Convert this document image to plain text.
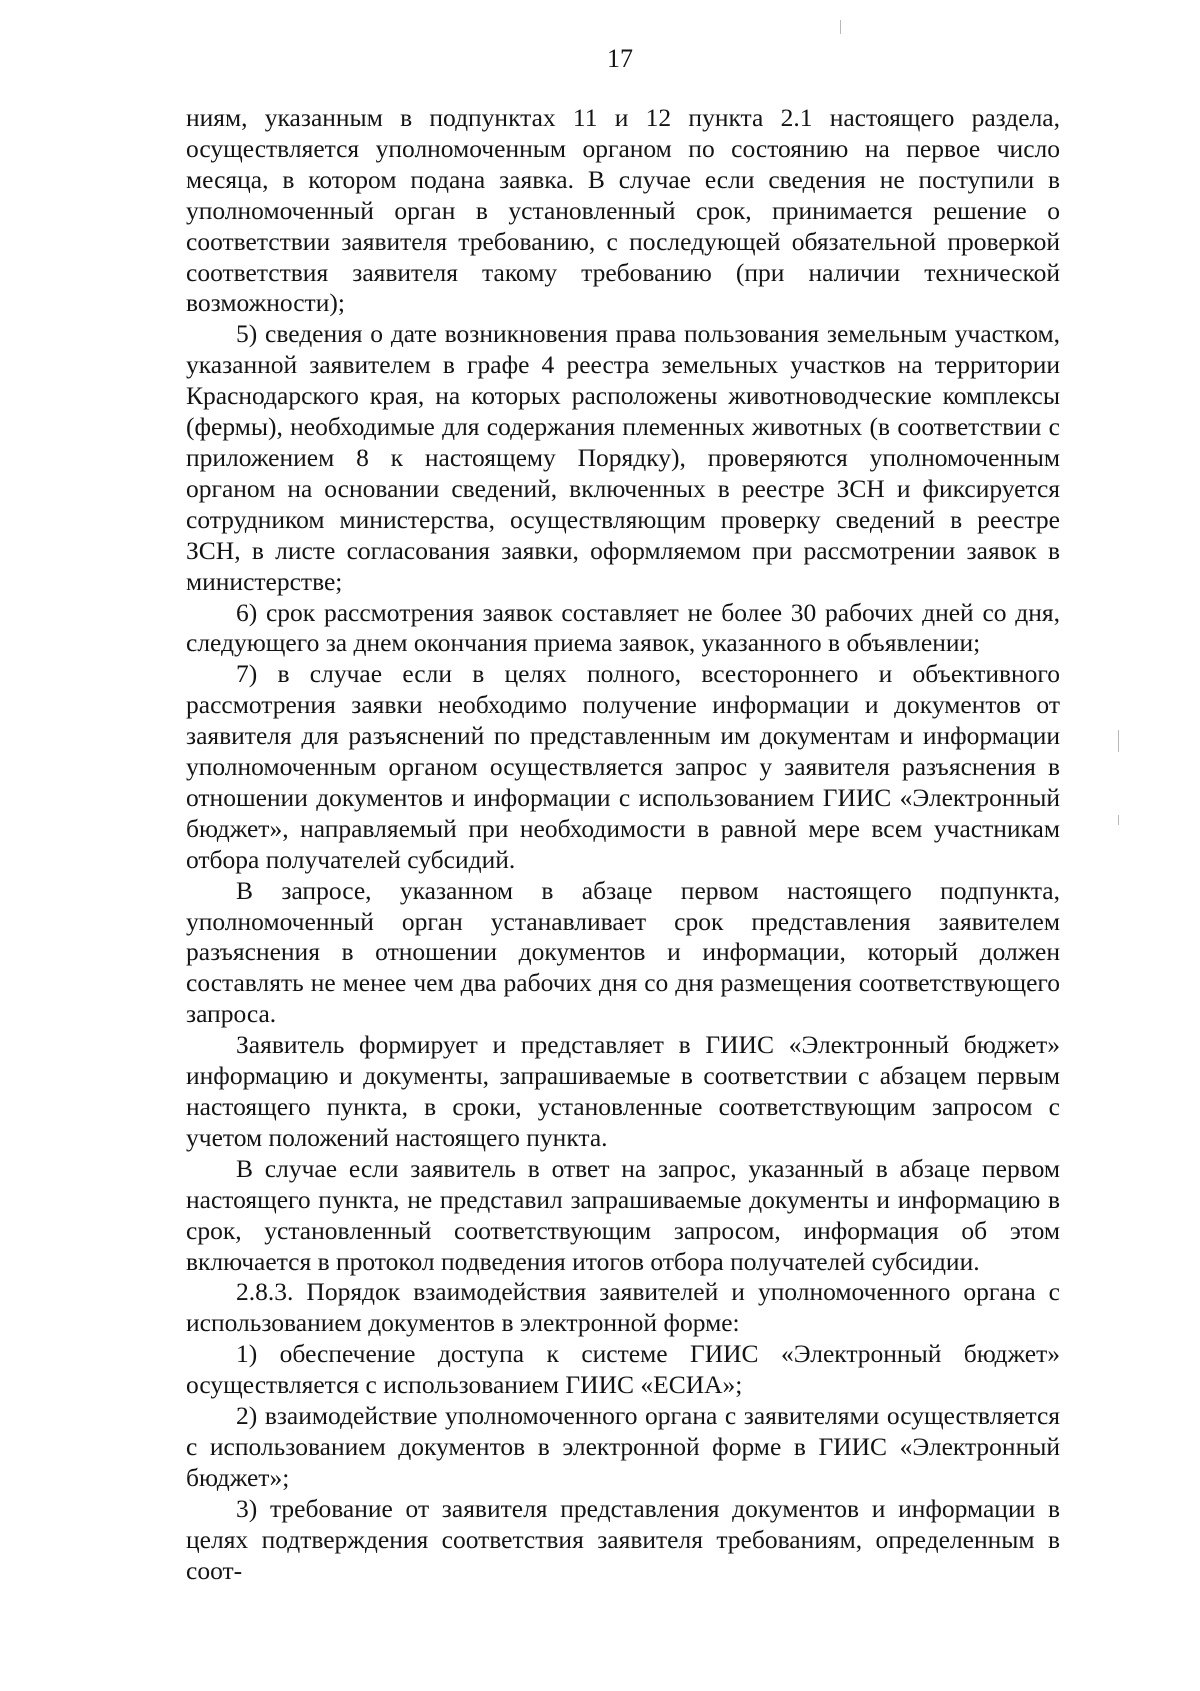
17

ниям, указанным в подпунктах 11 и 12 пункта 2.1 настоящего раздела, осуществляется уполномоченным органом по состоянию на первое число месяца, в котором подана заявка. В случае если сведения не поступили в уполномоченный орган в установленный срок, принимается решение о соответствии заявителя требованию, с последующей обязательной проверкой соответствия заявителя такому требованию (при наличии технической возможности);

5) сведения о дате возникновения права пользования земельным участком, указанной заявителем в графе 4 реестра земельных участков на территории Краснодарского края, на которых расположены животноводческие комплексы (фермы), необходимые для содержания племенных животных (в соответствии с приложением 8 к настоящему Порядку), проверяются уполномоченным органом на основании сведений, включенных в реестре ЗСН и фиксируется сотрудником министерства, осуществляющим проверку сведений в реестре ЗСН, в листе согласования заявки, оформляемом при рассмотрении заявок в министерстве;

6) срок рассмотрения заявок составляет не более 30 рабочих дней со дня, следующего за днем окончания приема заявок, указанного в объявлении;

7) в случае если в целях полного, всестороннего и объективного рассмотрения заявки необходимо получение информации и документов от заявителя для разъяснений по представленным им документам и информации уполномоченным органом осуществляется запрос у заявителя разъяснения в отношении документов и информации с использованием ГИИС «Электронный бюджет», направляемый при необходимости в равной мере всем участникам отбора получателей субсидий.

В запросе, указанном в абзаце первом настоящего подпункта, уполномоченный орган устанавливает срок представления заявителем разъяснения в отношении документов и информации, который должен составлять не менее чем два рабочих дня со дня размещения соответствующего запроса.

Заявитель формирует и представляет в ГИИС «Электронный бюджет» информацию и документы, запрашиваемые в соответствии с абзацем первым настоящего пункта, в сроки, установленные соответствующим запросом с учетом положений настоящего пункта.

В случае если заявитель в ответ на запрос, указанный в абзаце первом настоящего пункта, не представил запрашиваемые документы и информацию в срок, установленный соответствующим запросом, информация об этом включается в протокол подведения итогов отбора получателей субсидии.

2.8.3. Порядок взаимодействия заявителей и уполномоченного органа с использованием документов в электронной форме:

1) обеспечение доступа к системе ГИИС «Электронный бюджет» осуществляется с использованием ГИИС «ЕСИА»;

2) взаимодействие уполномоченного органа с заявителями осуществляется с использованием документов в электронной форме в ГИИС «Электронный бюджет»;

3) требование от заявителя представления документов и информации в целях подтверждения соответствия заявителя требованиям, определенным в соот-
